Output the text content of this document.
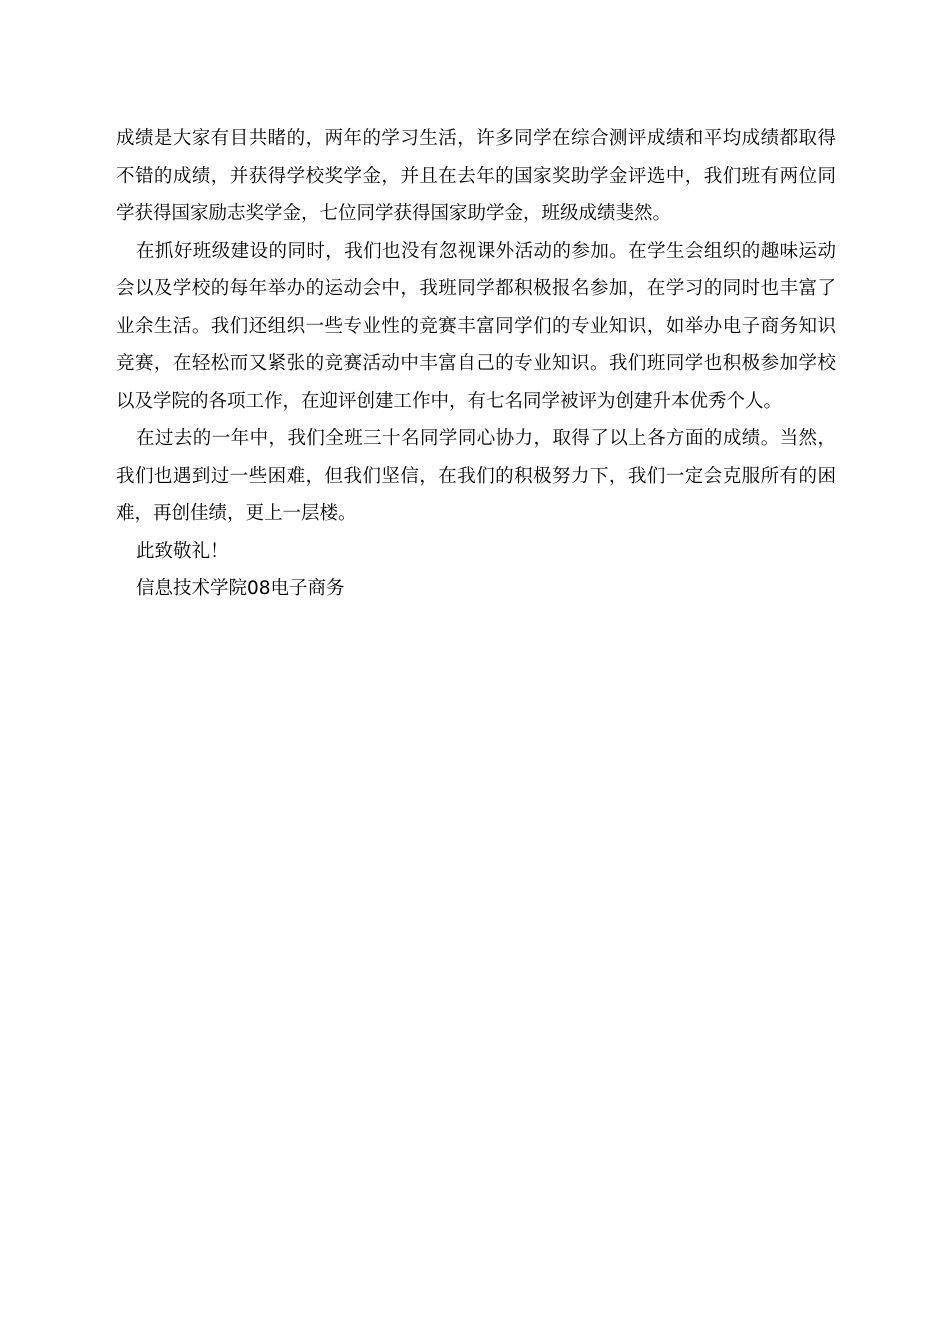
成绩是大家有目共睹的，两年的学习生活，许多同学在综合测评成绩和平均成绩都取得不错的成绩，并获得学校奖学金，并且在去年的国家奖助学金评选中，我们班有两位同学获得国家励志奖学金，七位同学获得国家助学金，班级成绩斐然。

在抓好班级建设的同时，我们也没有忽视课外活动的参加。在学生会组织的趣味运动会以及学校的每年举办的运动会中，我班同学都积极报名参加，在学习的同时也丰富了业余生活。我们还组织一些专业性的竞赛丰富同学们的专业知识，如举办电子商务知识竞赛，在轻松而又紧张的竞赛活动中丰富自己的专业知识。我们班同学也积极参加学校以及学院的各项工作，在迎评创建工作中，有七名同学被评为创建升本优秀个人。

在过去的一年中，我们全班三十名同学同心协力，取得了以上各方面的成绩。当然，我们也遇到过一些困难，但我们坚信，在我们的积极努力下，我们一定会克服所有的困难，再创佳绩，更上一层楼。

此致敬礼！

信息技术学院08电子商务
